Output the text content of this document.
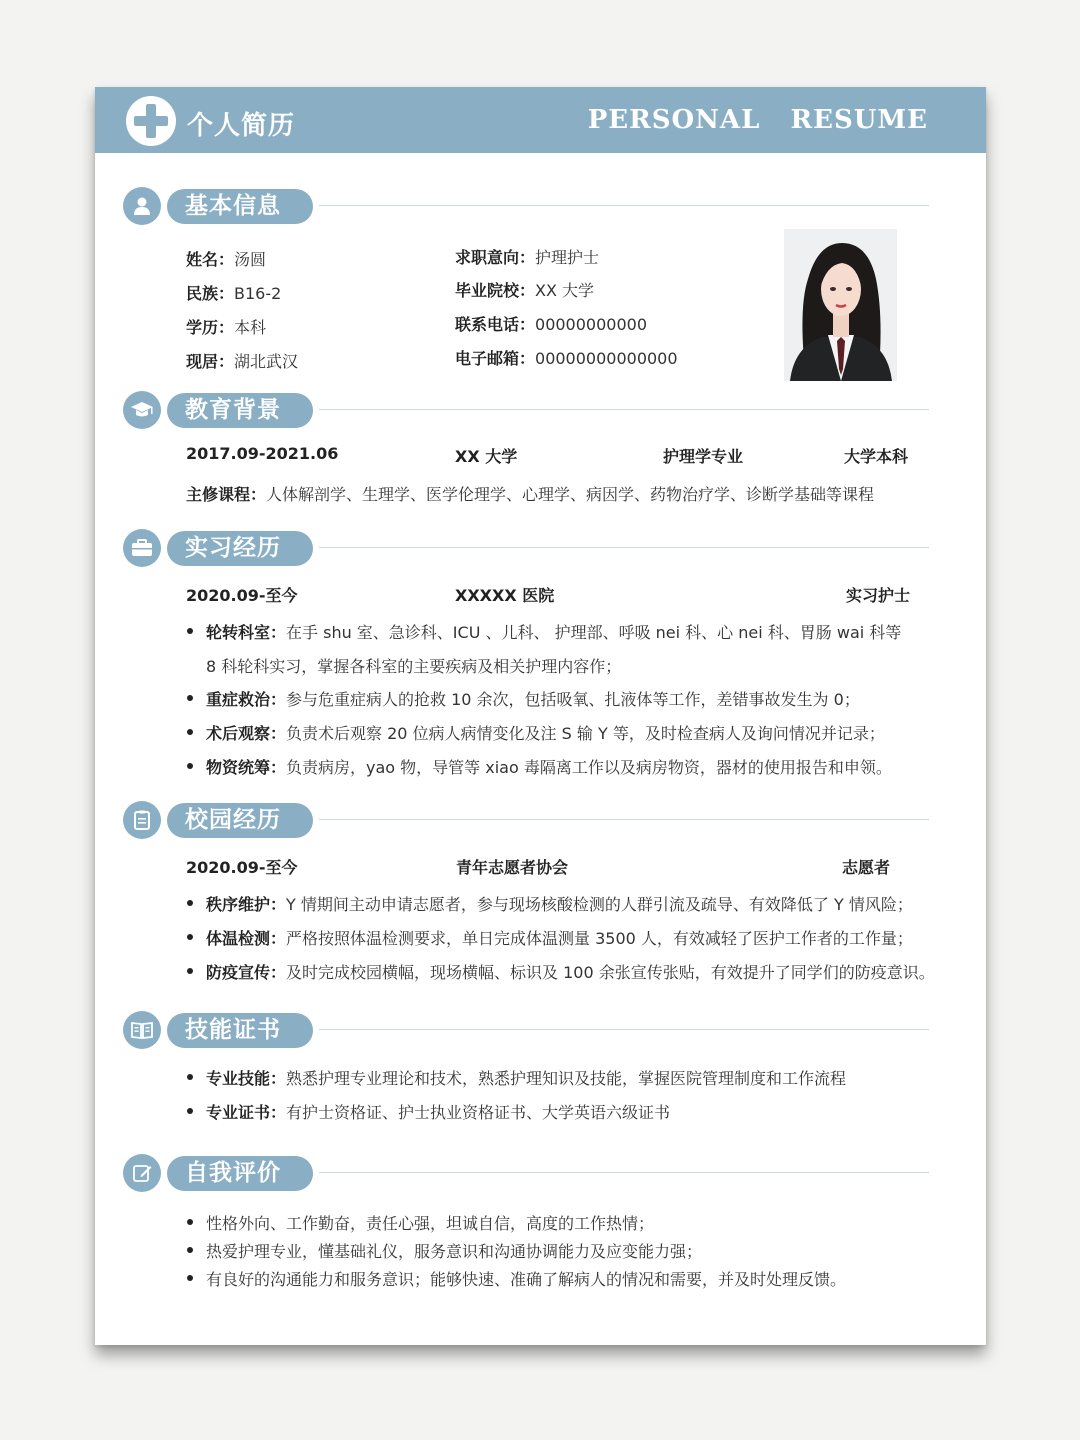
个人简历	PERSONAL   RESUME
基本信息
姓名：汤圆
民族：B16-2
学历：本科
现居：湖北武汉
求职意向：护理护士
毕业院校：XX 大学
联系电话：00000000000
电子邮箱：00000000000000
教育背景
2017.09-2021.06	XX 大学	护理学专业	大学本科
主修课程：人体解剖学、生理学、医学伦理学、心理学、病因学、药物治疗学、诊断学基础等课程
实习经历
2020.09-至今	XXXXX 医院	实习护士
轮转科室：在手 shu 室、急诊科、ICU 、儿科、 护理部、呼吸 nei 科、心 nei 科、胃肠 wai 科等
8 科轮科实习，掌握各科室的主要疾病及相关护理内容作；
重症救治：参与危重症病人的抢救 10 余次，包括吸氧、扎液体等工作，差错事故发生为 0；
术后观察：负责术后观察 20 位病人病情变化及注 S 输 Y 等，及时检查病人及询问情况并记录；
物资统筹：负责病房，yao 物，导管等 xiao 毒隔离工作以及病房物资，器材的使用报告和申领。
校园经历
2020.09-至今	青年志愿者协会	志愿者
秩序维护：Y 情期间主动申请志愿者，参与现场核酸检测的人群引流及疏导、有效降低了 Y 情风险；
体温检测：严格按照体温检测要求，单日完成体温测量 3500 人，有效减轻了医护工作者的工作量；
防疫宣传：及时完成校园横幅，现场横幅、标识及 100 余张宣传张贴，有效提升了同学们的防疫意识。
技能证书
专业技能：熟悉护理专业理论和技术，熟悉护理知识及技能，掌握医院管理制度和工作流程
专业证书：有护士资格证、护士执业资格证书、大学英语六级证书
自我评价
性格外向、工作勤奋，责任心强，坦诚自信，高度的工作热情；
热爱护理专业，懂基础礼仪，服务意识和沟通协调能力及应变能力强；
有良好的沟通能力和服务意识；能够快速、准确了解病人的情况和需要，并及时处理反馈。
